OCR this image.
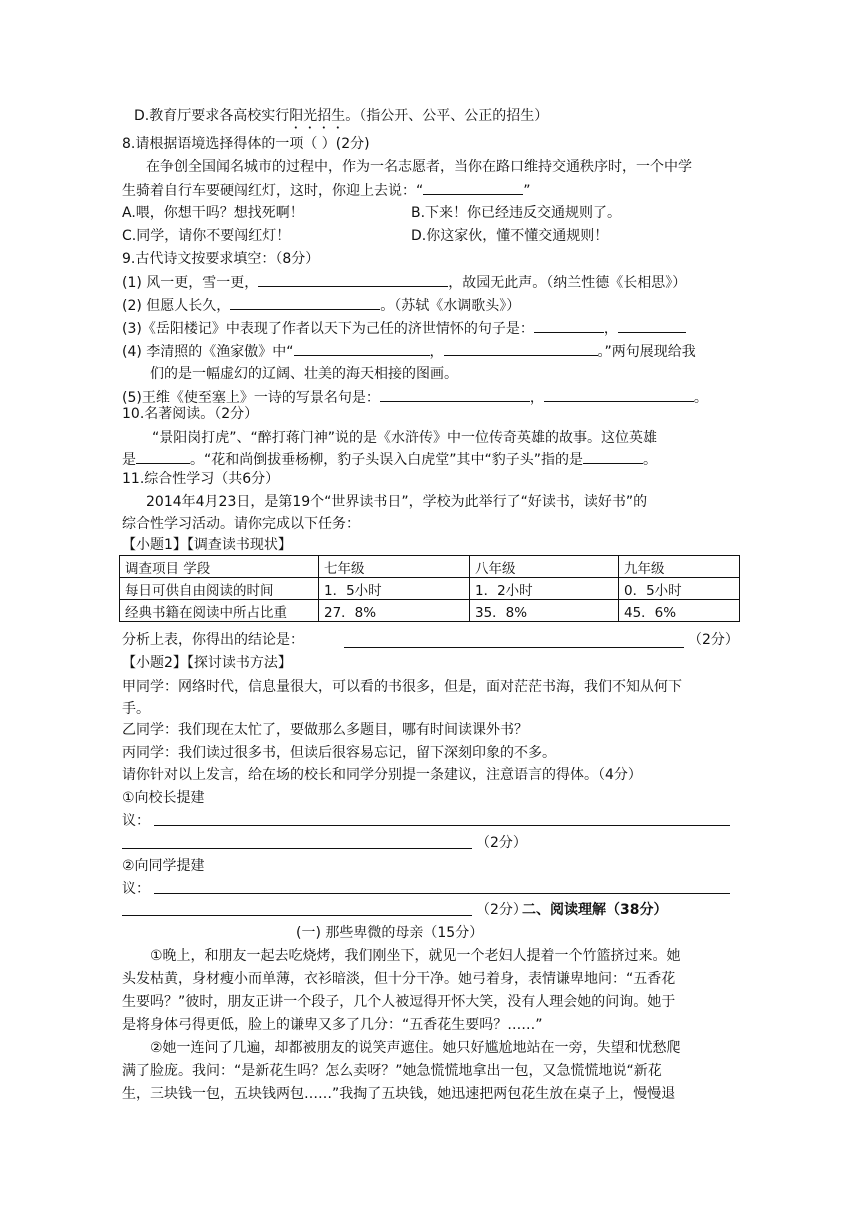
D.教育厅要求各高校实行阳光招生。（指公开、公平、公正的招生）
8.请根据语境选择得体的一项（ ）(2分)
在争创全国闻名城市的过程中，作为一名志愿者，当你在路口维持交通秩序时，一个中学
生骑着自行车要硬闯红灯，这时，你迎上去说：“	”
A.喂，你想干吗？想找死啊！	B.下来！你已经违反交通规则了。
C.同学，请你不要闯红灯！	D.你这家伙，懂不懂交通规则！
9.古代诗文按要求填空：（8分）
(1) 风一更，雪一更，	，故园无此声。（纳兰性德《长相思》）
(2) 但愿人长久，	。（苏轼《水调歌头》）
(3)《岳阳楼记》中表现了作者以天下为己任的济世情怀的句子是：	，
(4) 李清照的《渔家傲》中“	，	。”两句展现给我
们的是一幅虚幻的辽阔、壮美的海天相接的图画。
(5)王维《使至塞上》一诗的写景名句是：	，	。
10.名著阅读。（2分）
“景阳岗打虎”、“醉打蒋门神”说的是《水浒传》中一位传奇英雄的故事。这位英雄
是	。“花和尚倒拔垂杨柳，豹子头误入白虎堂”其中“豹子头”指的是	。
11.综合性学习（共6分）
2014年4月23日，是第19个“世界读书日”，学校为此举行了“好读书，读好书”的
综合性学习活动。请你完成以下任务：
【小题1】【调查读书现状】
调查项目 学段	七年级	八年级	九年级
每日可供自由阅读的时间	1．5小时	1．2小时	0．5小时
经典书籍在阅读中所占比重	27．8%	35．8%	45．6%
分析上表，你得出的结论是：	（2分）
【小题2】【探讨读书方法】
甲同学：网络时代，信息量很大，可以看的书很多，但是，面对茫茫书海，我们不知从何下
手。
乙同学：我们现在太忙了，要做那么多题目，哪有时间读课外书？
丙同学：我们读过很多书，但读后很容易忘记，留下深刻印象的不多。
请你针对以上发言，给在场的校长和同学分别提一条建议，注意语言的得体。（4分）
①向校长提建
议：
（2分）
②向同学提建
议：
（2分）
二、阅读理解（38分）
(一) 那些卑微的母亲（15分）
①晚上，和朋友一起去吃烧烤，我们刚坐下，就见一个老妇人提着一个竹篮挤过来。她
头发枯黄，身材瘦小而单薄，衣衫暗淡，但十分干净。她弓着身，表情谦卑地问：“五香花
生要吗？”彼时，朋友正讲一个段子，几个人被逗得开怀大笑，没有人理会她的问询。她于
是将身体弓得更低，脸上的谦卑又多了几分：“五香花生要吗？……”
②她一连问了几遍，却都被朋友的说笑声遮住。她只好尴尬地站在一旁，失望和忧愁爬
满了脸庞。我问：“是新花生吗？怎么卖呀？”她急慌慌地拿出一包，又急慌慌地说“新花
生，三块钱一包，五块钱两包……”我掏了五块钱，她迅速把两包花生放在桌子上，慢慢退
